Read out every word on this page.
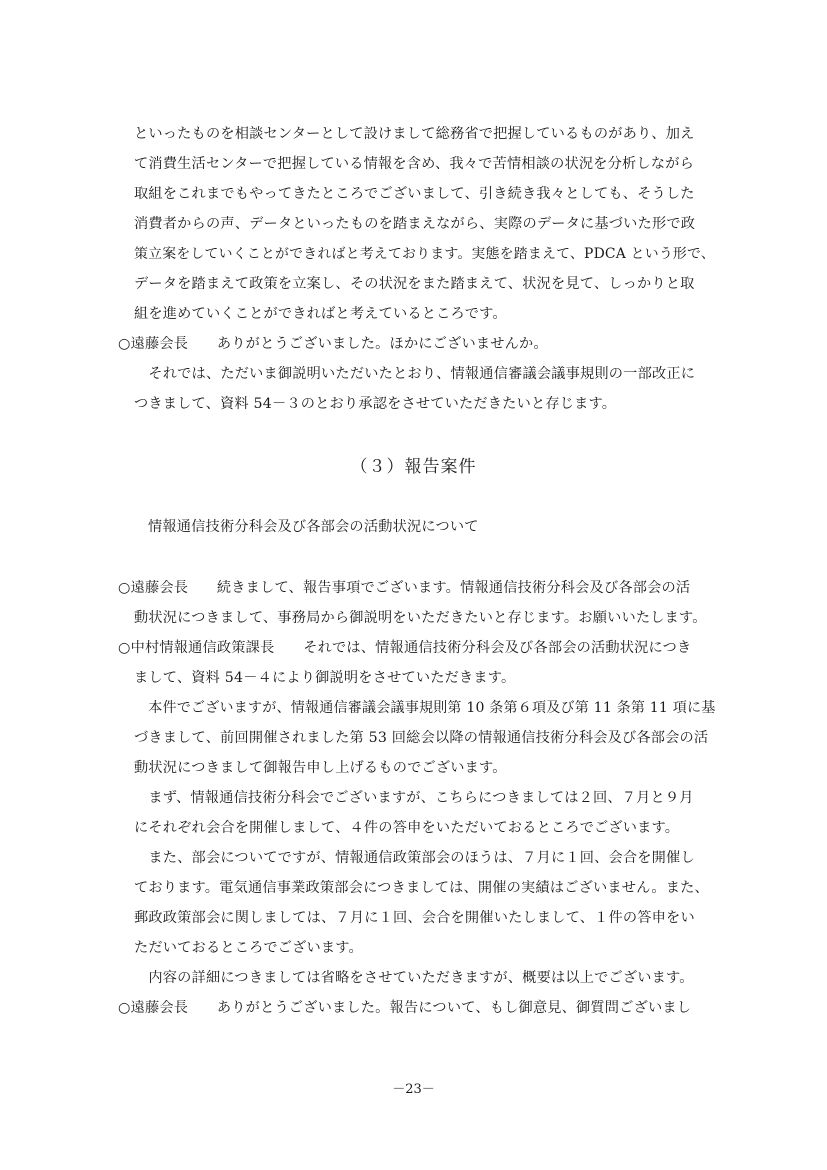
といったものを相談センターとして設けまして総務省で把握しているものがあり、加え
て消費生活センターで把握している情報を含め、我々で苦情相談の状況を分析しながら
取組をこれまでもやってきたところでございまして、引き続き我々としても、そうした
消費者からの声、データといったものを踏まえながら、実際のデータに基づいた形で政
策立案をしていくことができればと考えております。実態を踏まえて、PDCA という形で、
データを踏まえて政策を立案し、その状況をまた踏まえて、状況を見て、しっかりと取
組を進めていくことができればと考えているところです。
○遠藤会長　　ありがとうございました。ほかにございませんか。
　それでは、ただいま御説明いただいたとおり、情報通信審議会議事規則の一部改正に
つきまして、資料 54－３のとおり承認をさせていただきたいと存じます。
（３）報告案件
情報通信技術分科会及び各部会の活動状況について
○遠藤会長　　続きまして、報告事項でございます。情報通信技術分科会及び各部会の活
動状況につきまして、事務局から御説明をいただきたいと存じます。お願いいたします。
○中村情報通信政策課長　　それでは、情報通信技術分科会及び各部会の活動状況につき
まして、資料 54－４により御説明をさせていただきます。
　本件でございますが、情報通信審議会議事規則第 10 条第６項及び第 11 条第 11 項に基
づきまして、前回開催されました第 53 回総会以降の情報通信技術分科会及び各部会の活
動状況につきまして御報告申し上げるものでございます。
　まず、情報通信技術分科会でございますが、こちらにつきましては２回、７月と９月
にそれぞれ会合を開催しまして、４件の答申をいただいておるところでございます。
　また、部会についてですが、情報通信政策部会のほうは、７月に１回、会合を開催し
ております。電気通信事業政策部会につきましては、開催の実績はございません。また、
郵政政策部会に関しましては、７月に１回、会合を開催いたしまして、１件の答申をい
ただいておるところでございます。
　内容の詳細につきましては省略をさせていただきますが、概要は以上でございます。
○遠藤会長　　ありがとうございました。報告について、もし御意見、御質問ございまし
－23－
